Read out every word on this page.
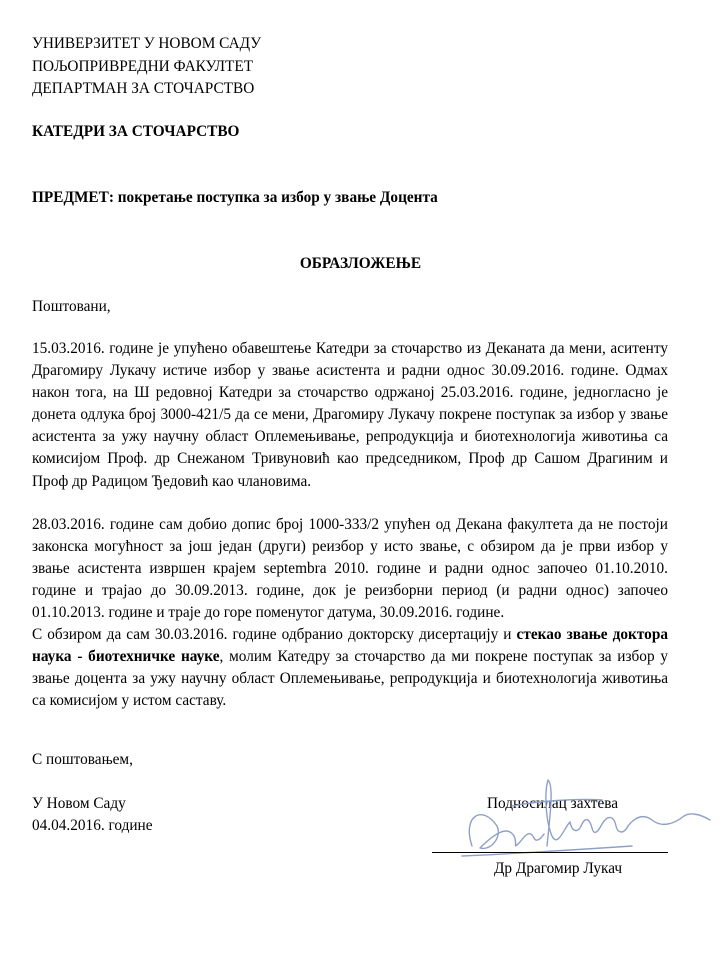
УНИВЕРЗИТЕТ У НОВОМ САДУ
ПОЉОПРИВРЕДНИ ФАКУЛТЕТ
ДЕПАРТМАН ЗА СТОЧАРСТВО
КАТЕДРИ ЗА СТОЧАРСТВО
ПРЕДМЕТ: покретање поступка за избор у звање Доцента
ОБРАЗЛОЖЕЊЕ
Поштовани,
15.03.2016. године је упућено обавештење Катедри за сточарство из Деканата да мени, аситенту Драгомиру Лукачу истиче избор у звање асистента и радни однос 30.09.2016. године. Одмах након тога, на Ш редовној Катедри за сточарство одржаној 25.03.2016. године, једногласно је донета одлука број 3000-421/5 да се мени, Драгомиру Лукачу покрене поступак за избор у звање асистента за ужу научну област Оплемењивање, репродукција и биотехнологија животиња са комисијом Проф. др Снежаном Тривуновић као председником, Проф др Сашом Драгиним и Проф др Радицом Ђедовић као члановима.
28.03.2016. године сам добио допис број 1000-333/2 упућен од Декана факултета да не постоји законска могућност за још један (други) реизбор у исто звање, с обзиром да је први избор у звање асистента извршен крајем septembra 2010. године и радни однос започео 01.10.2010. године и трајао до 30.09.2013. године, док је реизборни период (и радни однос) започео 01.10.2013. године и траје до горе поменутог датума, 30.09.2016. године.
С обзиром да сам 30.03.2016. године одбранио докторску дисертацију и стекао звање доктора наука - биотехничке науке, молим Катедру за сточарство да ми покрене поступак за избор у звање доцента за ужу научну област Оплемењивање, репродукција и биотехнологија животиња са комисијом у истом саставу.
С поштовањем,
У Новом Саду
04.04.2016. године
Подносилац захтева
Др Драгомир Лукач
